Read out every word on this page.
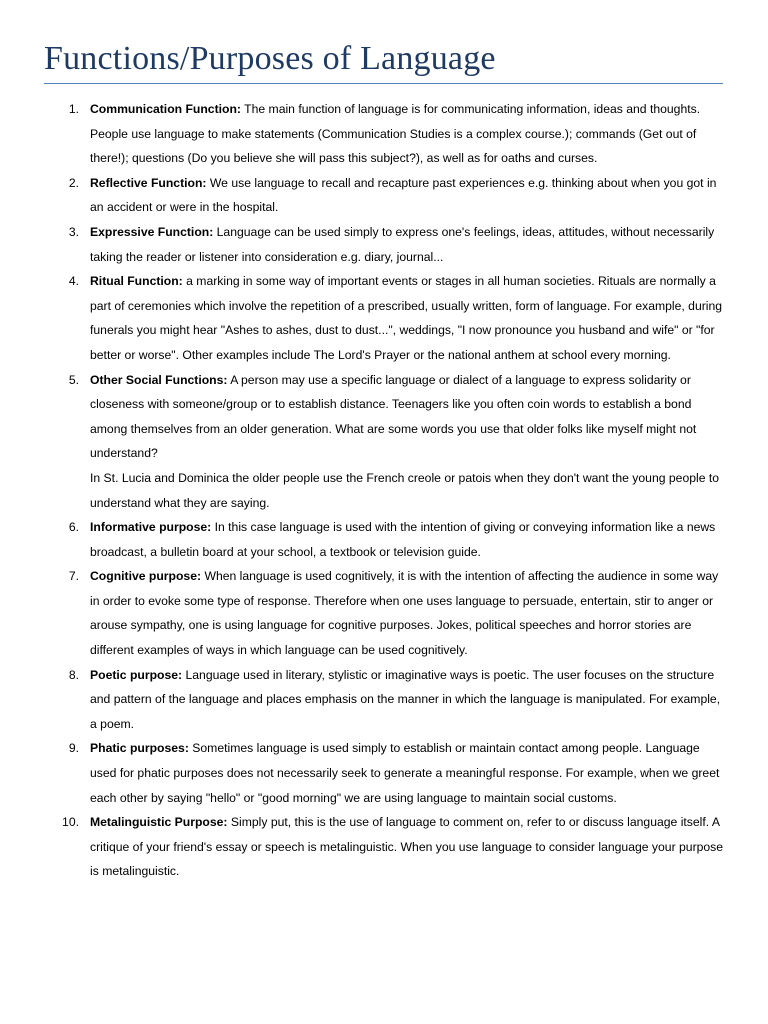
Functions/Purposes of Language
1. Communication Function: The main function of language is for communicating information, ideas and thoughts. People use language to make statements (Communication Studies is a complex course.); commands (Get out of there!); questions (Do you believe she will pass this subject?), as well as for oaths and curses.
2. Reflective Function: We use language to recall and recapture past experiences e.g. thinking about when you got in an accident or were in the hospital.
3. Expressive Function: Language can be used simply to express one's feelings, ideas, attitudes, without necessarily taking the reader or listener into consideration e.g. diary, journal...
4. Ritual Function: a marking in some way of important events or stages in all human societies. Rituals are normally a part of ceremonies which involve the repetition of a prescribed, usually written, form of language. For example, during funerals you might hear "Ashes to ashes, dust to dust...", weddings, "I now pronounce you husband and wife" or "for better or worse". Other examples include The Lord's Prayer or the national anthem at school every morning.
5. Other Social Functions: A person may use a specific language or dialect of a language to express solidarity or closeness with someone/group or to establish distance. Teenagers like you often coin words to establish a bond among themselves from an older generation. What are some words you use that older folks like myself might not understand?
In St. Lucia and Dominica the older people use the French creole or patois when they don't want the young people to understand what they are saying.
6. Informative purpose: In this case language is used with the intention of giving or conveying information like a news broadcast, a bulletin board at your school, a textbook or television guide.
7. Cognitive purpose: When language is used cognitively, it is with the intention of affecting the audience in some way in order to evoke some type of response. Therefore when one uses language to persuade, entertain, stir to anger or arouse sympathy, one is using language for cognitive purposes. Jokes, political speeches and horror stories are different examples of ways in which language can be used cognitively.
8. Poetic purpose: Language used in literary, stylistic or imaginative ways is poetic. The user focuses on the structure and pattern of the language and places emphasis on the manner in which the language is manipulated. For example, a poem.
9. Phatic purposes: Sometimes language is used simply to establish or maintain contact among people. Language used for phatic purposes does not necessarily seek to generate a meaningful response. For example, when we greet each other by saying "hello" or "good morning" we are using language to maintain social customs.
10. Metalinguistic Purpose: Simply put, this is the use of language to comment on, refer to or discuss language itself. A critique of your friend's essay or speech is metalinguistic. When you use language to consider language your purpose is metalinguistic.
